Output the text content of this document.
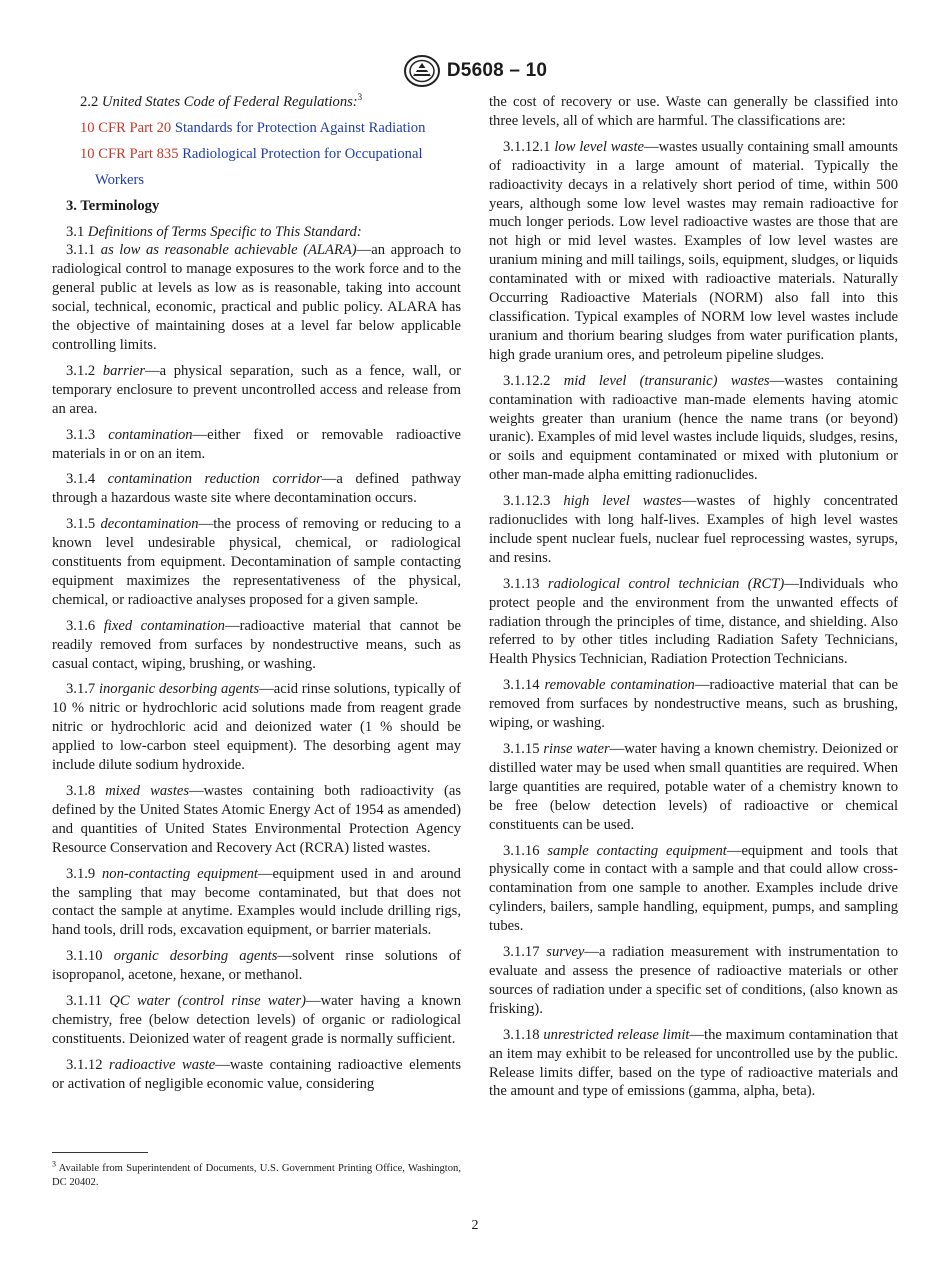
D5608 – 10

2.2 United States Code of Federal Regulations:$^3$

10 CFR Part 20 Standards for Protection Against Radiation

10 CFR Part 835 Radiological Protection for Occupational

Workers

3. Terminology

3.1 Definitions of Terms Specific to This Standard:

3.1.1 as low as reasonable achievable (ALARA)—an approach to radiological control to manage exposures to the work force and to the general public at levels as low as is reasonable, taking into account social, technical, economic, practical and public policy. ALARA has the objective of maintaining doses at a level far below applicable controlling limits.

3.1.2 barrier—a physical separation, such as a fence, wall, or temporary enclosure to prevent uncontrolled access and release from an area.

3.1.3 contamination—either fixed or removable radioactive materials in or on an item.

3.1.4 contamination reduction corridor—a defined pathway through a hazardous waste site where decontamination occurs.

3.1.5 decontamination—the process of removing or reducing to a known level undesirable physical, chemical, or radiological constituents from equipment. Decontamination of sample contacting equipment maximizes the representativeness of the physical, chemical, or radioactive analyses proposed for a given sample.

3.1.6 fixed contamination—radioactive material that cannot be readily removed from surfaces by nondestructive means, such as casual contact, wiping, brushing, or washing.

3.1.7 inorganic desorbing agents—acid rinse solutions, typically of 10 % nitric or hydrochloric acid solutions made from reagent grade nitric or hydrochloric acid and deionized water (1 % should be applied to low-carbon steel equipment). The desorbing agent may include dilute sodium hydroxide.

3.1.8 mixed wastes—wastes containing both radioactivity (as defined by the United States Atomic Energy Act of 1954 as amended) and quantities of United States Environmental Protection Agency Resource Conservation and Recovery Act (RCRA) listed wastes.

3.1.9 non-contacting equipment—equipment used in and around the sampling that may become contaminated, but that does not contact the sample at anytime. Examples would include drilling rigs, hand tools, drill rods, excavation equipment, or barrier materials.

3.1.10 organic desorbing agents—solvent rinse solutions of isopropanol, acetone, hexane, or methanol.

3.1.11 QC water (control rinse water)—water having a known chemistry, free (below detection levels) of organic or radiological constituents. Deionized water of reagent grade is normally sufficient.

3.1.12 radioactive waste—waste containing radioactive elements or activation of negligible economic value, considering

the cost of recovery or use. Waste can generally be classified into three levels, all of which are harmful. The classifications are:

3.1.12.1 low level waste—wastes usually containing small amounts of radioactivity in a large amount of material. Typically the radioactivity decays in a relatively short period of time, within 500 years, although some low level wastes may remain radioactive for much longer periods. Low level radioactive wastes are those that are not high or mid level wastes. Examples of low level wastes are uranium mining and mill tailings, soils, equipment, sludges, or liquids contaminated with or mixed with radioactive materials. Naturally Occurring Radioactive Materials (NORM) also fall into this classification. Typical examples of NORM low level wastes include uranium and thorium bearing sludges from water purification plants, high grade uranium ores, and petroleum pipeline sludges.

3.1.12.2 mid level (transuranic) wastes—wastes containing contamination with radioactive man-made elements having atomic weights greater than uranium (hence the name trans (or beyond) uranic). Examples of mid level wastes include liquids, sludges, resins, or soils and equipment contaminated or mixed with plutonium or other man-made alpha emitting radionuclides.

3.1.12.3 high level wastes—wastes of highly concentrated radionuclides with long half-lives. Examples of high level wastes include spent nuclear fuels, nuclear fuel reprocessing wastes, syrups, and resins.

3.1.13 radiological control technician (RCT)—Individuals who protect people and the environment from the unwanted effects of radiation through the principles of time, distance, and shielding. Also referred to by other titles including Radiation Safety Technicians, Health Physics Technician, Radiation Protection Technicians.

3.1.14 removable contamination—radioactive material that can be removed from surfaces by nondestructive means, such as brushing, wiping, or washing.

3.1.15 rinse water—water having a known chemistry. Deionized or distilled water may be used when small quantities are required. When large quantities are required, potable water of a chemistry known to be free (below detection levels) of radioactive or chemical constituents can be used.

3.1.16 sample contacting equipment—equipment and tools that physically come in contact with a sample and that could allow cross-contamination from one sample to another. Examples include drive cylinders, bailers, sample handling, equipment, pumps, and sampling tubes.

3.1.17 survey—a radiation measurement with instrumentation to evaluate and assess the presence of radioactive materials or other sources of radiation under a specific set of conditions, (also known as frisking).

3.1.18 unrestricted release limit—the maximum contamination that an item may exhibit to be released for uncontrolled use by the public. Release limits differ, based on the type of radioactive materials and the amount and type of emissions (gamma, alpha, beta).

$^3$ Available from Superintendent of Documents, U.S. Government Printing Office, Washington, DC 20402.
2
